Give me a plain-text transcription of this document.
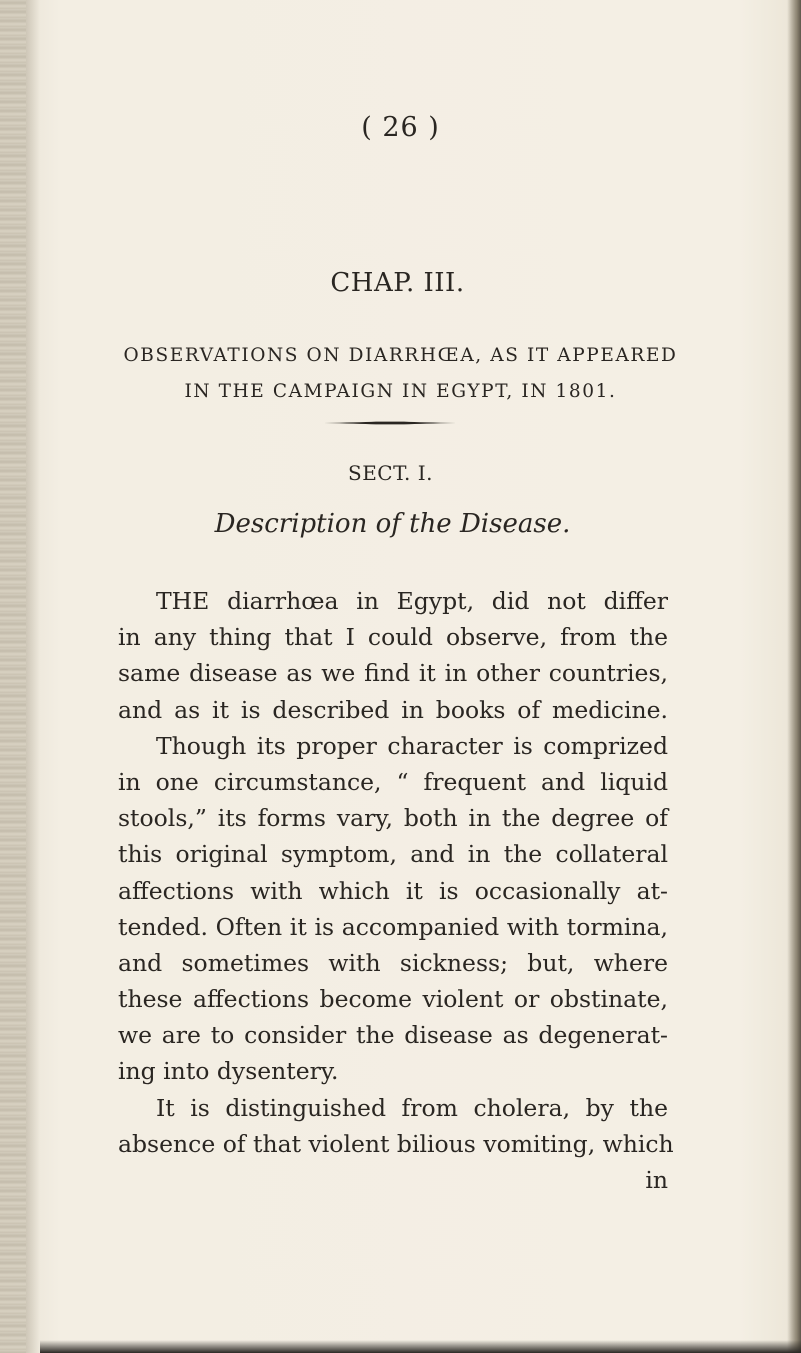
( 26 )
CHAP. III.
OBSERVATIONS ON DIARRHŒA, AS IT APPEARED
IN THE CAMPAIGN IN EGYPT, IN 1801.
SECT. I.
Description of the Disease.
THE diarrhœa in Egypt, did not differ
in any thing that I could observe, from the
same disease as we find it in other countries,
and as it is described in books of medicine.
Though its proper character is comprized
in one circumstance, “ frequent and liquid
stools,” its forms vary, both in the degree of
this original symptom, and in the collateral
affections with which it is occasionally at-
tended. Often it is accompanied with tormina,
and sometimes with sickness; but, where
these affections become violent or obstinate,
we are to consider the disease as degenerat-
ing into dysentery.
It is distinguished from cholera, by the
absence of that violent bilious vomiting, which
in
